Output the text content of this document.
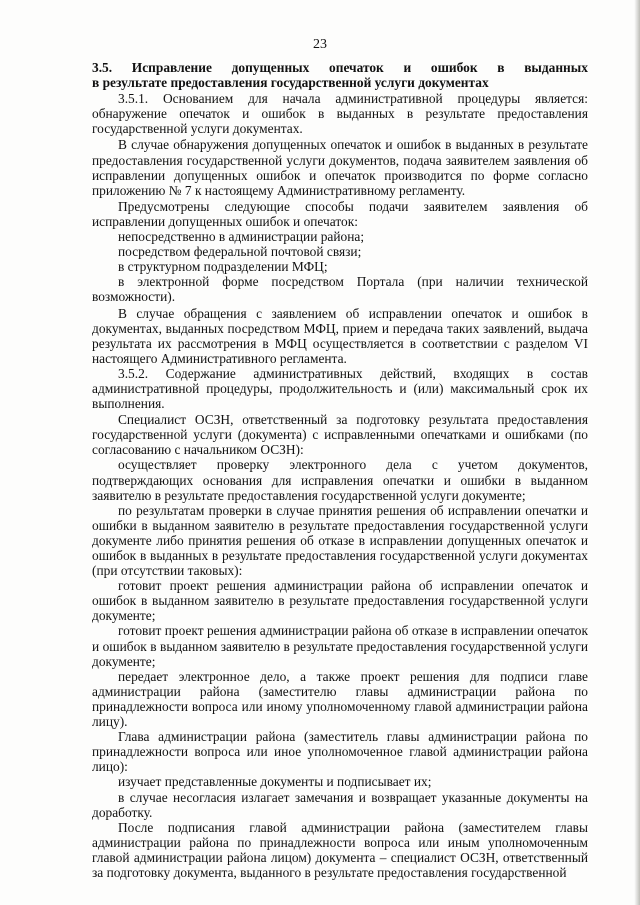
23
3.5. Исправление допущенных опечаток и ошибок в выданных

в результате предоставления государственной услуги документах

3.5.1. Основанием для начала административной процедуры является: обнаружение опечаток и ошибок в выданных в результате предоставления государственной услуги документах.

В случае обнаружения допущенных опечаток и ошибок в выданных в результате предоставления государственной услуги документов, подача заявителем заявления об исправлении допущенных ошибок и опечаток производится по форме согласно приложению № 7 к настоящему Административному регламенту.

Предусмотрены следующие способы подачи заявителем заявления об исправлении допущенных ошибок и опечаток:

непосредственно в администрации района;

посредством федеральной почтовой связи;

в структурном подразделении МФЦ;

в электронной форме посредством Портала (при наличии технической возможности).

В случае обращения с заявлением об исправлении опечаток и ошибок в документах, выданных посредством МФЦ, прием и передача таких заявлений, выдача результата их рассмотрения в МФЦ осуществляется в соответствии с разделом VI настоящего Административного регламента.

3.5.2. Содержание административных действий, входящих в состав административной процедуры, продолжительность и (или) максимальный срок их выполнения.

Специалист ОСЗН, ответственный за подготовку результата предоставления государственной услуги (документа) с исправленными опечатками и ошибками (по согласованию с начальником ОСЗН):

осуществляет проверку электронного дела с учетом документов, подтверждающих основания для исправления опечатки и ошибки в выданном заявителю в результате предоставления государственной услуги документе;

по результатам проверки в случае принятия решения об исправлении опечатки и ошибки в выданном заявителю в результате предоставления государственной услуги документе либо принятия решения об отказе в исправлении допущенных опечаток и ошибок в выданных в результате предоставления государственной услуги документах (при отсутствии таковых):

готовит проект решения администрации района об исправлении опечаток и ошибок в выданном заявителю в результате предоставления государственной услуги документе;

готовит проект решения администрации района об отказе в исправлении опечаток и ошибок в выданном заявителю в результате предоставления государственной услуги документе;

передает электронное дело, а также проект решения для подписи главе администрации района (заместителю главы администрации района по принадлежности вопроса или иному уполномоченному главой администрации района лицу).

Глава администрации района (заместитель главы администрации района по принадлежности вопроса или иное уполномоченное главой администрации района лицо):

изучает представленные документы и подписывает их;

в случае несогласия излагает замечания и возвращает указанные документы на доработку.

После подписания главой администрации района (заместителем главы администрации района по принадлежности вопроса или иным уполномоченным главой администрации района лицом) документа – специалист ОСЗН, ответственный за подготовку документа, выданного в результате предоставления государственной
